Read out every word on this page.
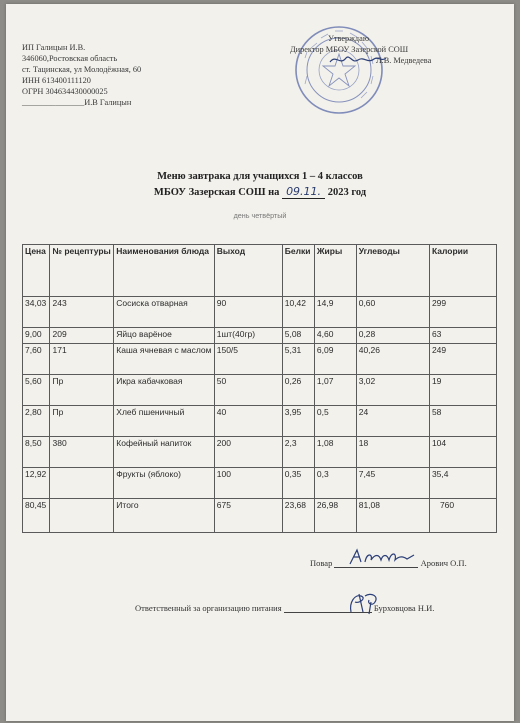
ИП Галицын И.В.
346060,Ростовская область
ст. Тацинская, ул Молодёжная, 60
ИНН 613400111120
ОГРН 304634430000025
_______________И.В Галицын
Утверждаю
Директор МБОУ Зазерской СОШ
Л.В. Медведева
Меню завтрака для учащихся 1 – 4 классов
МБОУ Зазерская СОШ на 09.11. 2023 год
день четвёртый
Цена	№ рецептуры	Наименования блюда	Выход	Белки	Жиры	Углеводы	Калории
34,03	243	Сосиска отварная	90	10,42	14,9	0,60	299
9,00	209	Яйцо варёное	1шт(40гр)	5,08	4,60	0,28	63
7,60	171	Каша ячневая с маслом	150/5	5,31	6,09	40,26	249
5,60	Пр	Икра кабачковая	50	0,26	1,07	3,02	19
2,80	Пр	Хлеб пшеничный	40	3,95	0,5	24	58
8,50	380	Кофейный напиток	200	2,3	1,08	18	104
12,92		Фрукты (яблоко)	100	0,35	0,3	7,45	35,4
80,45		Итого	675	23,68	26,98	81,08	760
Повар	Арович О.П.
Ответственный за организацию питания	Бурховцова Н.И.
